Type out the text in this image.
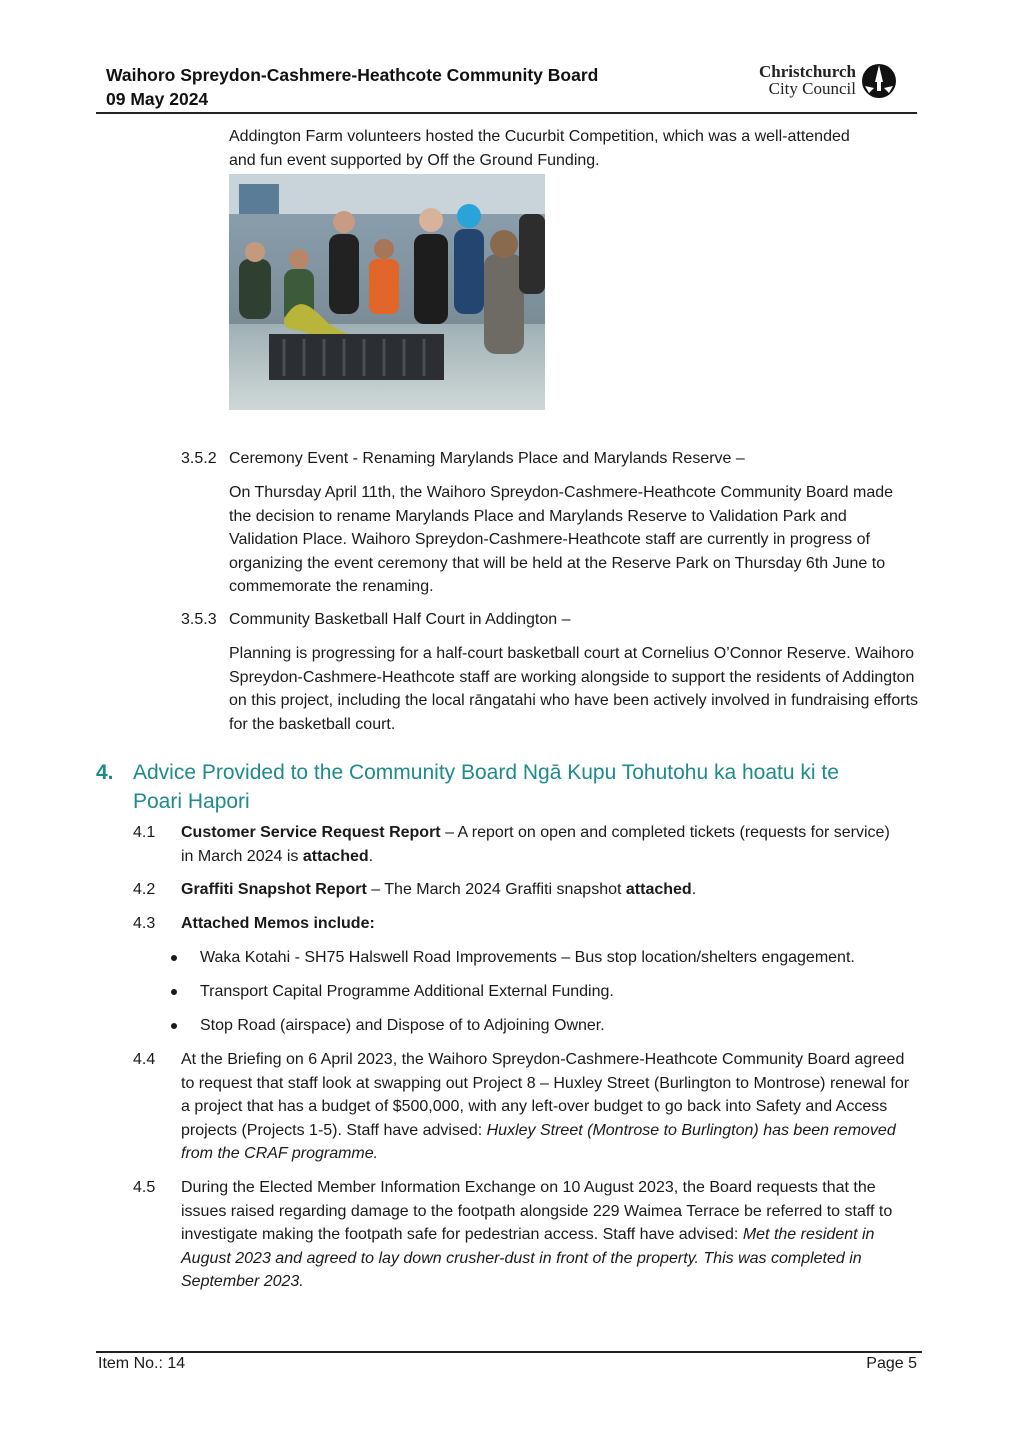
Waihoro Spreydon-Cashmere-Heathcote Community Board
09 May 2024
Christchurch
City Council

Addington Farm volunteers hosted the Cucurbit Competition, which was a well-attended and fun event supported by Off the Ground Funding.

3.5.2 Ceremony Event - Renaming Marylands Place and Marylands Reserve –

On Thursday April 11th, the Waihoro Spreydon-Cashmere-Heathcote Community Board made the decision to rename Marylands Place and Marylands Reserve to Validation Park and Validation Place. Waihoro Spreydon-Cashmere-Heathcote staff are currently in progress of organizing the event ceremony that will be held at the Reserve Park on Thursday 6th June to commemorate the renaming.

3.5.3 Community Basketball Half Court in Addington –

Planning is progressing for a half-court basketball court at Cornelius O’Connor Reserve. Waihoro Spreydon-Cashmere-Heathcote staff are working alongside to support the residents of Addington on this project, including the local rāngatahi who have been actively involved in fundraising efforts for the basketball court.

4. Advice Provided to the Community Board Ngā Kupu Tohutohu ka hoatu ki te
Poari Hapori
4.1 Customer Service Request Report – A report on open and completed tickets (requests for service) in March 2024 is attached.

4.2 Graffiti Snapshot Report – The March 2024 Graffiti snapshot attached.

4.3 Attached Memos include:

Waka Kotahi - SH75 Halswell Road Improvements – Bus stop location/shelters engagement.

Transport Capital Programme Additional External Funding.

Stop Road (airspace) and Dispose of to Adjoining Owner.

4.4 At the Briefing on 6 April 2023, the Waihoro Spreydon-Cashmere-Heathcote Community Board agreed to request that staff look at swapping out Project 8 – Huxley Street (Burlington to Montrose) renewal for a project that has a budget of $500,000, with any left-over budget to go back into Safety and Access projects (Projects 1-5). Staff have advised: Huxley Street (Montrose to Burlington) has been removed from the CRAF programme.

4.5 During the Elected Member Information Exchange on 10 August 2023, the Board requests that the issues raised regarding damage to the footpath alongside 229 Waimea Terrace be referred to staff to investigate making the footpath safe for pedestrian access. Staff have advised: Met the resident in August 2023 and agreed to lay down crusher-dust in front of the property. This was completed in September 2023.

Item No.: 14	Page 5
